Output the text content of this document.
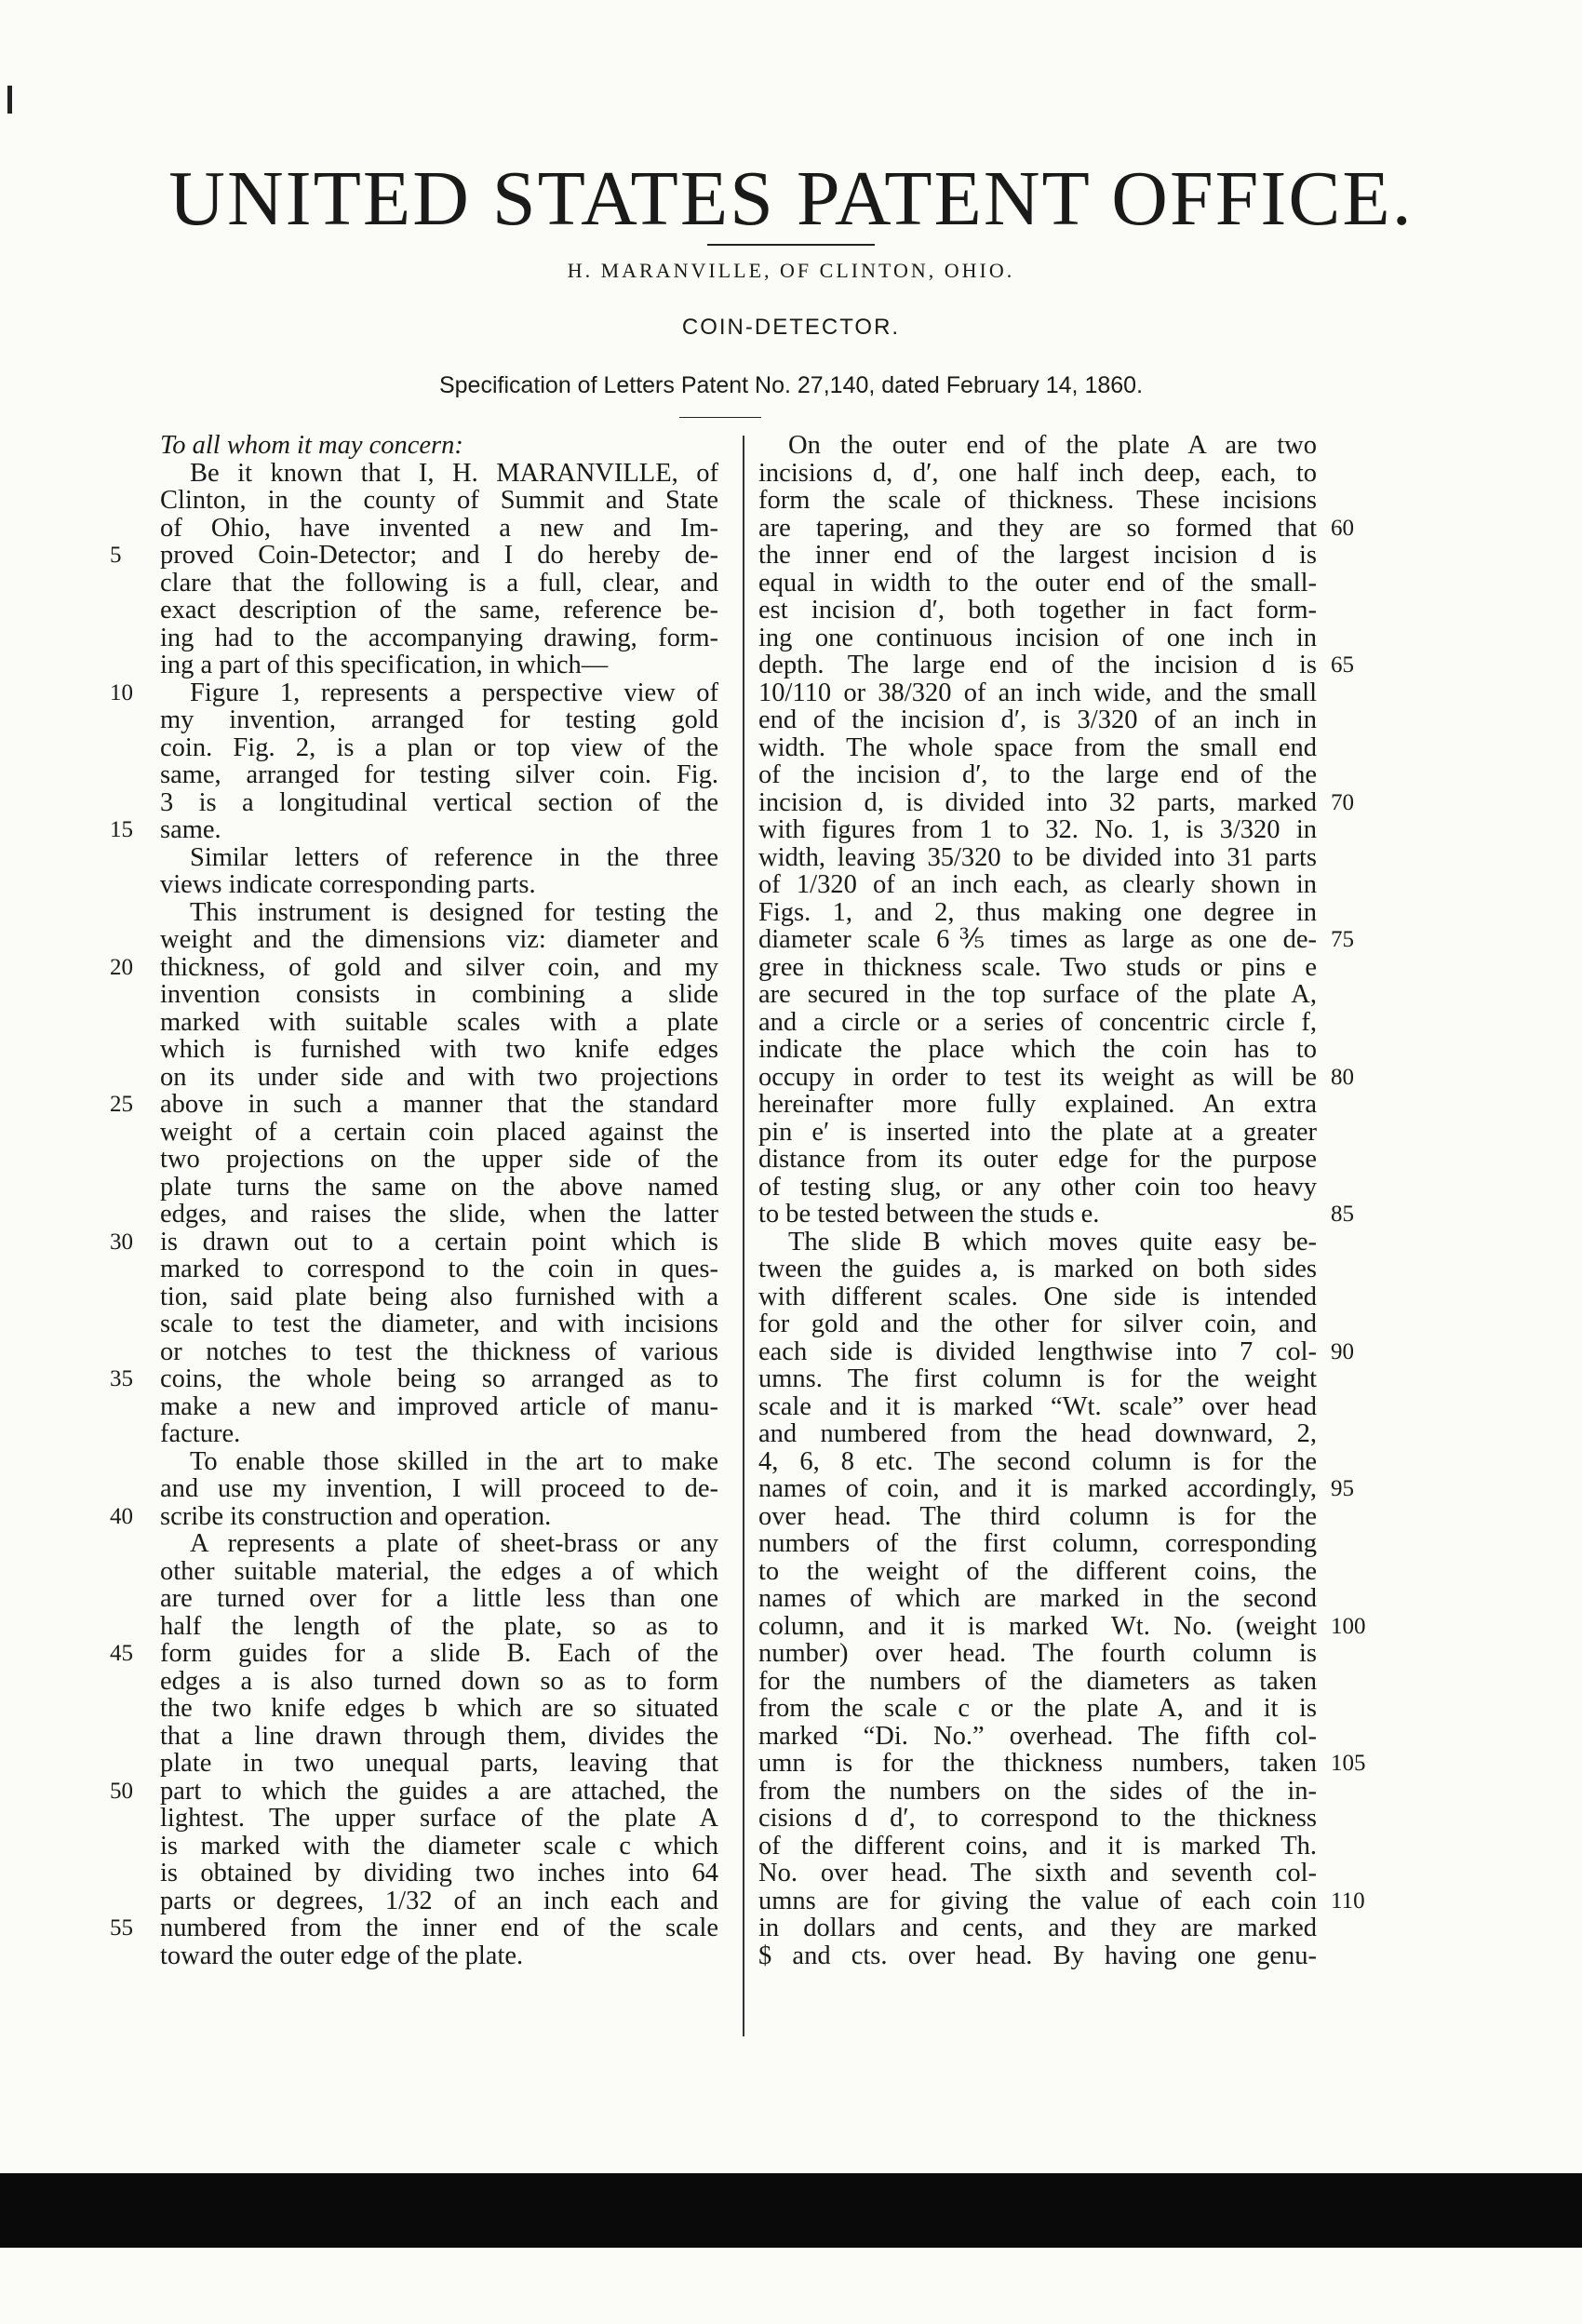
UNITED STATES PATENT OFFICE.
H. MARANVILLE, OF CLINTON, OHIO.
COIN-DETECTOR.
Specification of Letters Patent No. 27,140, dated February 14, 1860.
5
10
15
20
25
30
35
40
45
50
55
To all whom it may concern:
Be it known that I, H. MARANVILLE, of
Clinton, in the county of Summit and State
of Ohio, have invented a new and Im-
proved Coin-Detector; and I do hereby de-
clare that the following is a full, clear, and
exact description of the same, reference be-
ing had to the accompanying drawing, form-
ing a part of this specification, in which—
Figure 1, represents a perspective view of
my invention, arranged for testing gold
coin. Fig. 2, is a plan or top view of the
same, arranged for testing silver coin. Fig.
3 is a longitudinal vertical section of the
same.
Similar letters of reference in the three
views indicate corresponding parts.
This instrument is designed for testing the
weight and the dimensions viz: diameter and
thickness, of gold and silver coin, and my
invention consists in combining a slide
marked with suitable scales with a plate
which is furnished with two knife edges
on its under side and with two projections
above in such a manner that the standard
weight of a certain coin placed against the
two projections on the upper side of the
plate turns the same on the above named
edges, and raises the slide, when the latter
is drawn out to a certain point which is
marked to correspond to the coin in ques-
tion, said plate being also furnished with a
scale to test the diameter, and with incisions
or notches to test the thickness of various
coins, the whole being so arranged as to
make a new and improved article of manu-
facture.
To enable those skilled in the art to make
and use my invention, I will proceed to de-
scribe its construction and operation.
A represents a plate of sheet-brass or any
other suitable material, the edges a of which
are turned over for a little less than one
half the length of the plate, so as to
form guides for a slide B. Each of the
edges a is also turned down so as to form
the two knife edges b which are so situated
that a line drawn through them, divides the
plate in two unequal parts, leaving that
part to which the guides a are attached, the
lightest. The upper surface of the plate A
is marked with the diameter scale c which
is obtained by dividing two inches into 64
parts or degrees, 1/32 of an inch each and
numbered from the inner end of the scale
toward the outer edge of the plate.
On the outer end of the plate A are two
incisions d, d′, one half inch deep, each, to
form the scale of thickness. These incisions
are tapering, and they are so formed that
the inner end of the largest incision d is
equal in width to the outer end of the small-
est incision d′, both together in fact form-
ing one continuous incision of one inch in
depth. The large end of the incision d is
10/110 or 38/320 of an inch wide, and the small
end of the incision d′, is 3/320 of an inch in
width. The whole space from the small end
of the incision d′, to the large end of the
incision d, is divided into 32 parts, marked
with figures from 1 to 32. No. 1, is 3/320 in
width, leaving 35/320 to be divided into 31 parts
of 1/320 of an inch each, as clearly shown in
Figs. 1, and 2, thus making one degree in
diameter scale 6⅗ times as large as one de-
gree in thickness scale. Two studs or pins e
are secured in the top surface of the plate A,
and a circle or a series of concentric circle f,
indicate the place which the coin has to
occupy in order to test its weight as will be
hereinafter more fully explained. An extra
pin e′ is inserted into the plate at a greater
distance from its outer edge for the purpose
of testing slug, or any other coin too heavy
to be tested between the studs e.
The slide B which moves quite easy be-
tween the guides a, is marked on both sides
with different scales. One side is intended
for gold and the other for silver coin, and
each side is divided lengthwise into 7 col-
umns. The first column is for the weight
scale and it is marked “Wt. scale” over head
and numbered from the head downward, 2,
4, 6, 8 etc. The second column is for the
names of coin, and it is marked accordingly,
over head. The third column is for the
numbers of the first column, corresponding
to the weight of the different coins, the
names of which are marked in the second
column, and it is marked Wt. No. (weight
number) over head. The fourth column is
for the numbers of the diameters as taken
from the scale c or the plate A, and it is
marked “Di. No.” overhead. The fifth col-
umn is for the thickness numbers, taken
from the numbers on the sides of the in-
cisions d d′, to correspond to the thickness
of the different coins, and it is marked Th.
No. over head. The sixth and seventh col-
umns are for giving the value of each coin
in dollars and cents, and they are marked
$ and cts. over head. By having one genu-
60
65
70
75
80
85
90
95
100
105
110
